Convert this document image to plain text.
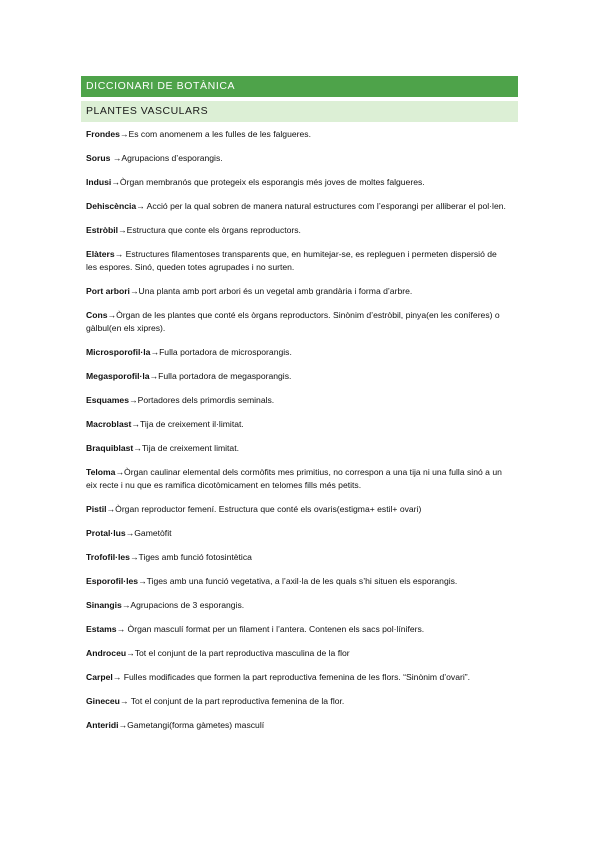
DICCIONARI DE BOTÀNICA
PLANTES VASCULARS

Frondes→Es com anomenem a les fulles de les falgueres.

Sorus →Agrupacions d’esporangis.

Indusi→Òrgan membranós que protegeix els esporangis més joves de moltes falgueres.

Dehiscència→ Acció per la qual sobren de manera natural estructures com l’esporangi per alliberar el pol·len.

Estròbil→Estructura que conte els òrgans reproductors.

Elàters→ Estructures filamentoses transparents que, en humitejar-se, es repleguen i permeten dispersió de les espores. Sinó, queden totes agrupades i no surten.

Port arbori→Una planta amb port arbori és un vegetal amb grandària i forma d’arbre.

Cons→Òrgan de les plantes que conté els òrgans reproductors. Sinònim d’estròbil, pinya(en les coníferes) o gàlbul(en els xipres).

Microsporofil·la→Fulla portadora de microsporangis.

Megasporofil·la→Fulla portadora de megasporangis.

Esquames→Portadores dels primordis seminals.

Macroblast→Tija de creixement il·limitat.

Braquiblast→Tija de creixement limitat.

Teloma→Òrgan caulinar elemental dels cormòfits mes primitius, no correspon a una tija ni una fulla sinó a un eix recte i nu que es ramifica dicotòmicament en telomes fills més petits.

Pistil→Òrgan reproductor femení. Estructura que conté els ovaris(estigma+ estil+ ovari)

Protal·lus→Gametòfit

Trofofil·les→Tiges amb funció fotosintètica

Esporofil·les→Tiges amb una funció vegetativa, a l’axil·la de les quals s’hi situen els esporangis.

Sinangis→Agrupacions de 3 esporangis.

Estams→ Òrgan masculí format per un filament i l’antera. Contenen els sacs pol·línifers.

Androceu→Tot el conjunt de la part reproductiva masculina de la flor

Carpel→ Fulles modificades que formen la part reproductiva femenina de les flors. “Sinònim d’ovari”.

Gineceu→ Tot el conjunt de la part reproductiva femenina de la flor.

Anteridi→Gametangi(forma gàmetes) masculí
